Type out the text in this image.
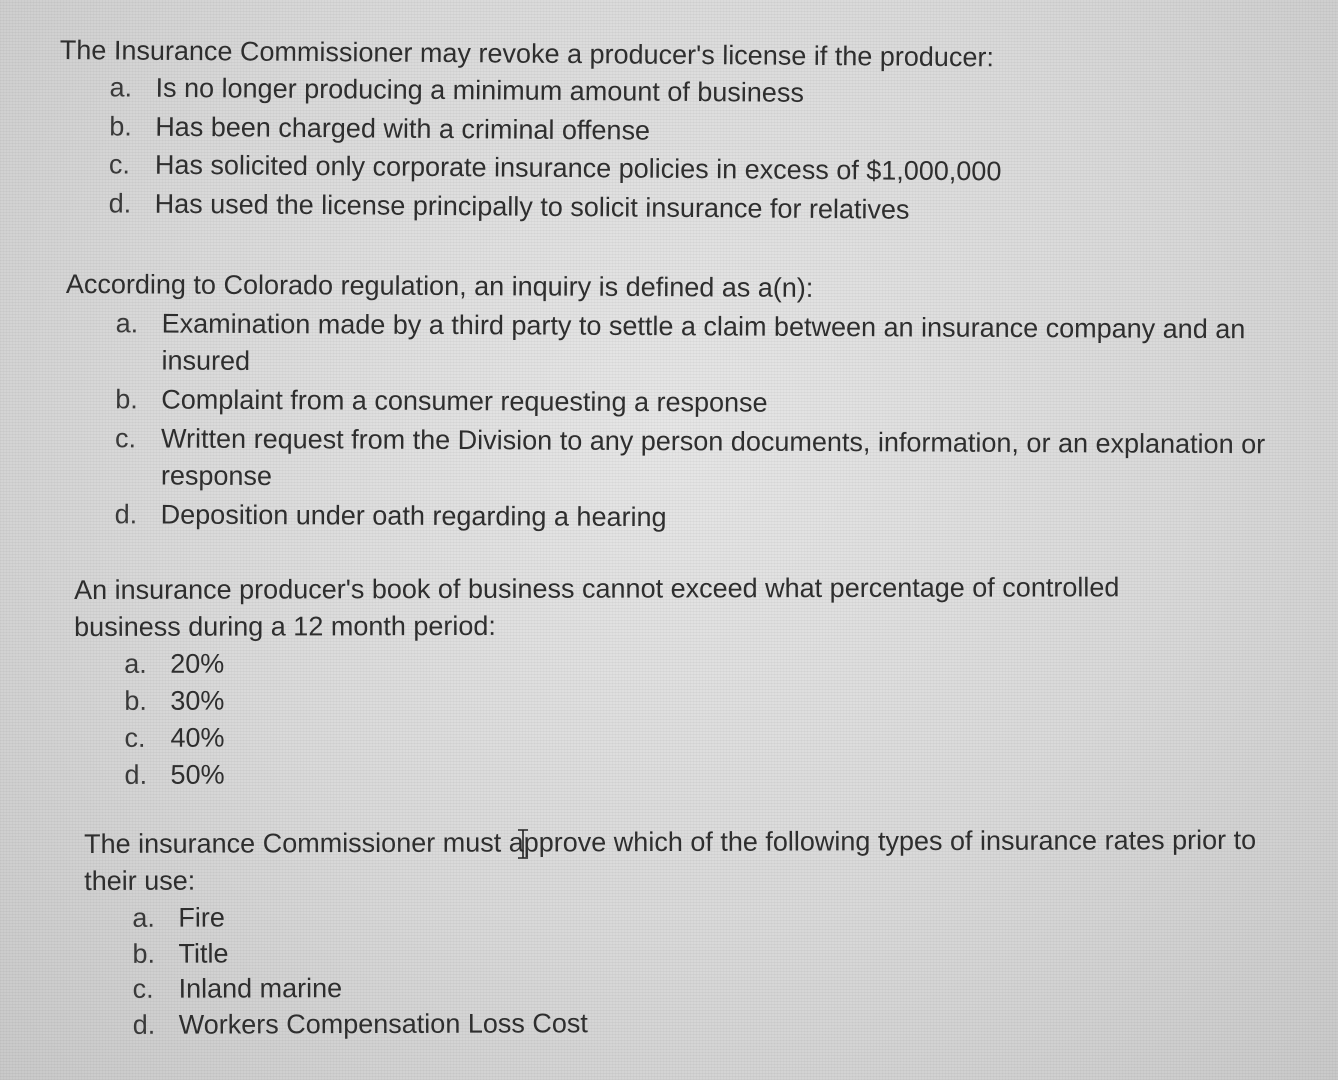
The Insurance Commissioner may revoke a producer's license if the producer:

a. Is no longer producing a minimum amount of business
b. Has been charged with a criminal offense
c. Has solicited only corporate insurance policies in excess of $1,000,000
d. Has used the license principally to solicit insurance for relatives

According to Colorado regulation, an inquiry is defined as a(n):

a. Examination made by a third party to settle a claim between an insurance company and an insured
b. Complaint from a consumer requesting a response
c. Written request from the Division to any person documents, information, or an explanation or response
d. Deposition under oath regarding a hearing

An insurance producer's book of business cannot exceed what percentage of controlled business during a 12 month period:

a. 20%
b. 30%
c. 40%
d. 50%

The insurance Commissioner must approve which of the following types of insurance rates prior to their use:

a. Fire
b. Title
c. Inland marine
d. Workers Compensation Loss Cost
